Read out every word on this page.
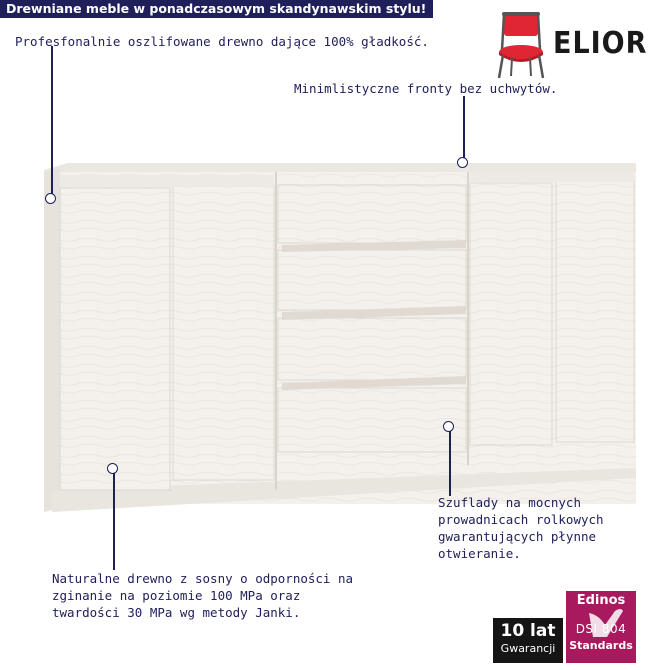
Drewniane meble w ponadczasowym skandynawskim stylu!
ELIOR
Profesfonalnie oszlifowane drewno dające 100% gładkość.
Minimlistyczne fronty bez uchwytów.
Szuflady na mocnych
prowadnicach rolkowych
gwarantujących płynne
otwieranie.
Naturalne drewno z sosny o odporności na
zginanie na poziomie 100 MPa oraz
twardości 30 MPa wg metody Janki.
10 lat
Gwarancji
Edinos
DSI 804
Standards
